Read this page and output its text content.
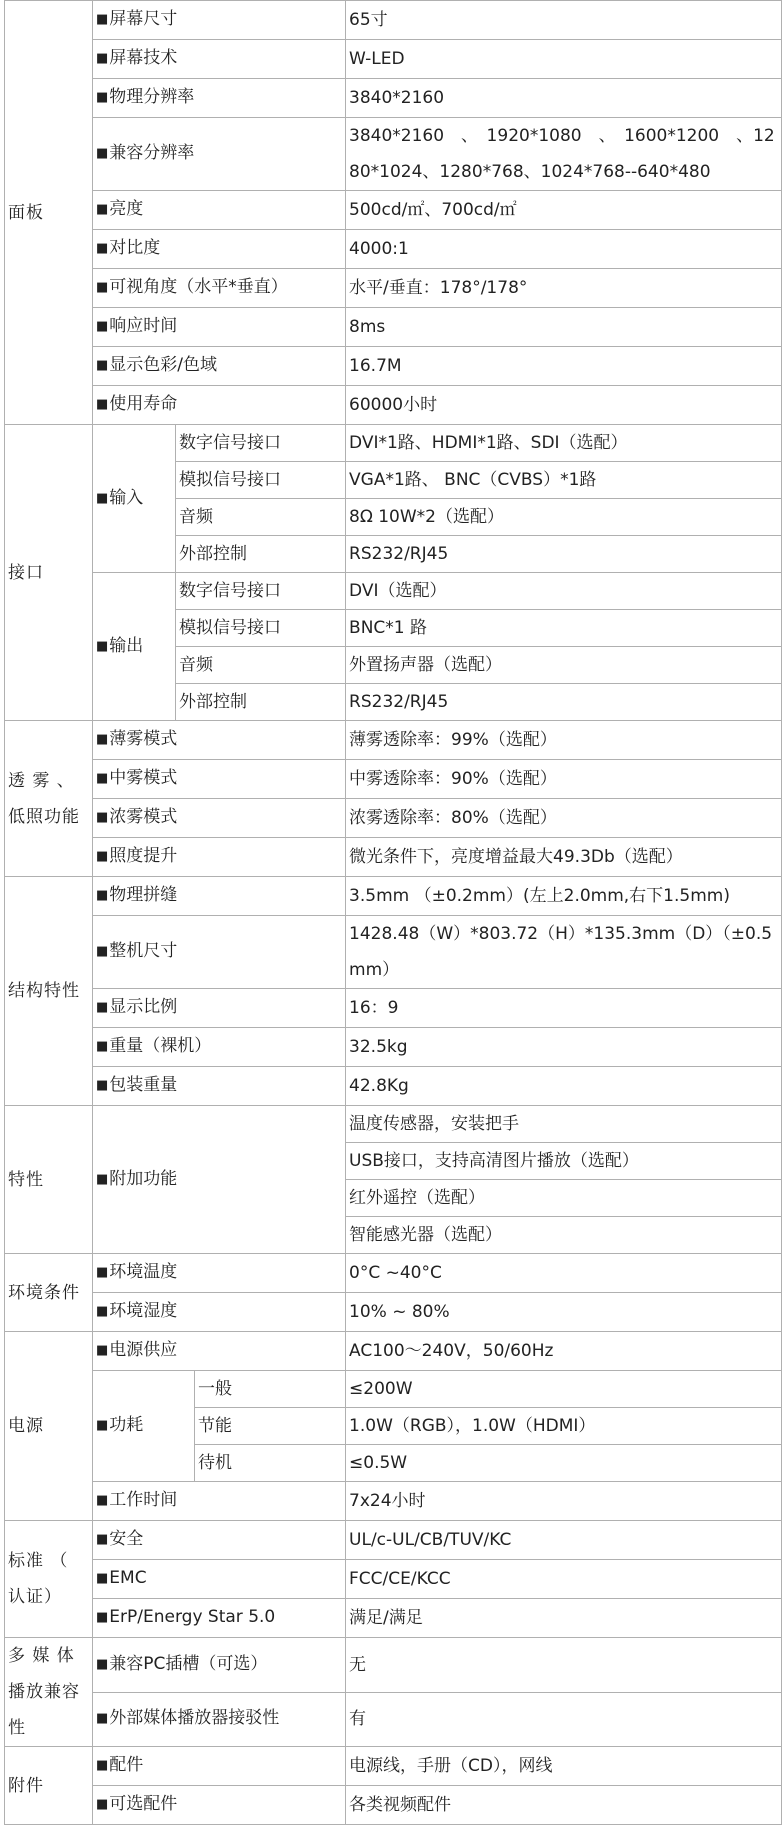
面板	■屏幕尺寸			65寸
	■屏幕技术			W-LED
	■物理分辨率			3840*2160
	■兼容分辨率			3840*2160　、　1920*1080　、　1600*1200　、1280*1024、1280*768、1024*768--640*480
	■亮度			500cd/㎡、700cd/㎡
	■对比度			4000:1
	■可视角度（水平*垂直）			水平/垂直：178°/178°
	■响应时间			8ms
	■显示色彩/色域			16.7M
	■使用寿命			60000小时
接口	■输入	数字信号接口		DVI*1路、HDMI*1路、SDI（选配）
		模拟信号接口		VGA*1路、 BNC（CVBS）*1路
		音频		8Ω 10W*2（选配）
		外部控制		RS232/RJ45
	■输出	数字信号接口		DVI（选配）
		模拟信号接口		BNC*1 路
		音频		外置扬声器（选配）
		外部控制		RS232/RJ45
透 雾 、 低照功能	■薄雾模式			薄雾透除率：99%（选配）
	■中雾模式			中雾透除率：90%（选配）
	■浓雾模式			浓雾透除率：80%（选配）
	■照度提升			微光条件下，亮度增益最大49.3Db（选配）
结构特性	■物理拼缝			3.5mm （±0.2mm）(左上2.0mm,右下1.5mm)
	■整机尺寸			1428.48（W）*803.72（H）*135.3mm（D）（±0.5mm）
	■显示比例			16：9
	■重量（裸机）			32.5kg
	■包装重量			42.8Kg
特性	■附加功能			温度传感器，安装把手
				USB接口，支持高清图片播放（选配）
				红外遥控（选配）
				智能感光器（选配）
环境条件	■环境温度			0°C ~40°C
	■环境湿度			10% ~ 80%
电源	■电源供应			AC100～240V，50/60Hz
	■功耗		一般	≤200W
			节能	1.0W（RGB），1.0W（HDMI）
			待机	≤0.5W
	■工作时间			7x24小时
标准 （ 认证）	■安全			UL/c-UL/CB/TUV/KC
	■EMC			FCC/CE/KCC
	■ErP/Energy Star 5.0			满足/满足
多 媒 体 播放兼容性	■兼容PC插槽（可选）			无
	■外部媒体播放器接驳性			有
附件	■配件			电源线，手册（CD），网线
	■可选配件			各类视频配件
